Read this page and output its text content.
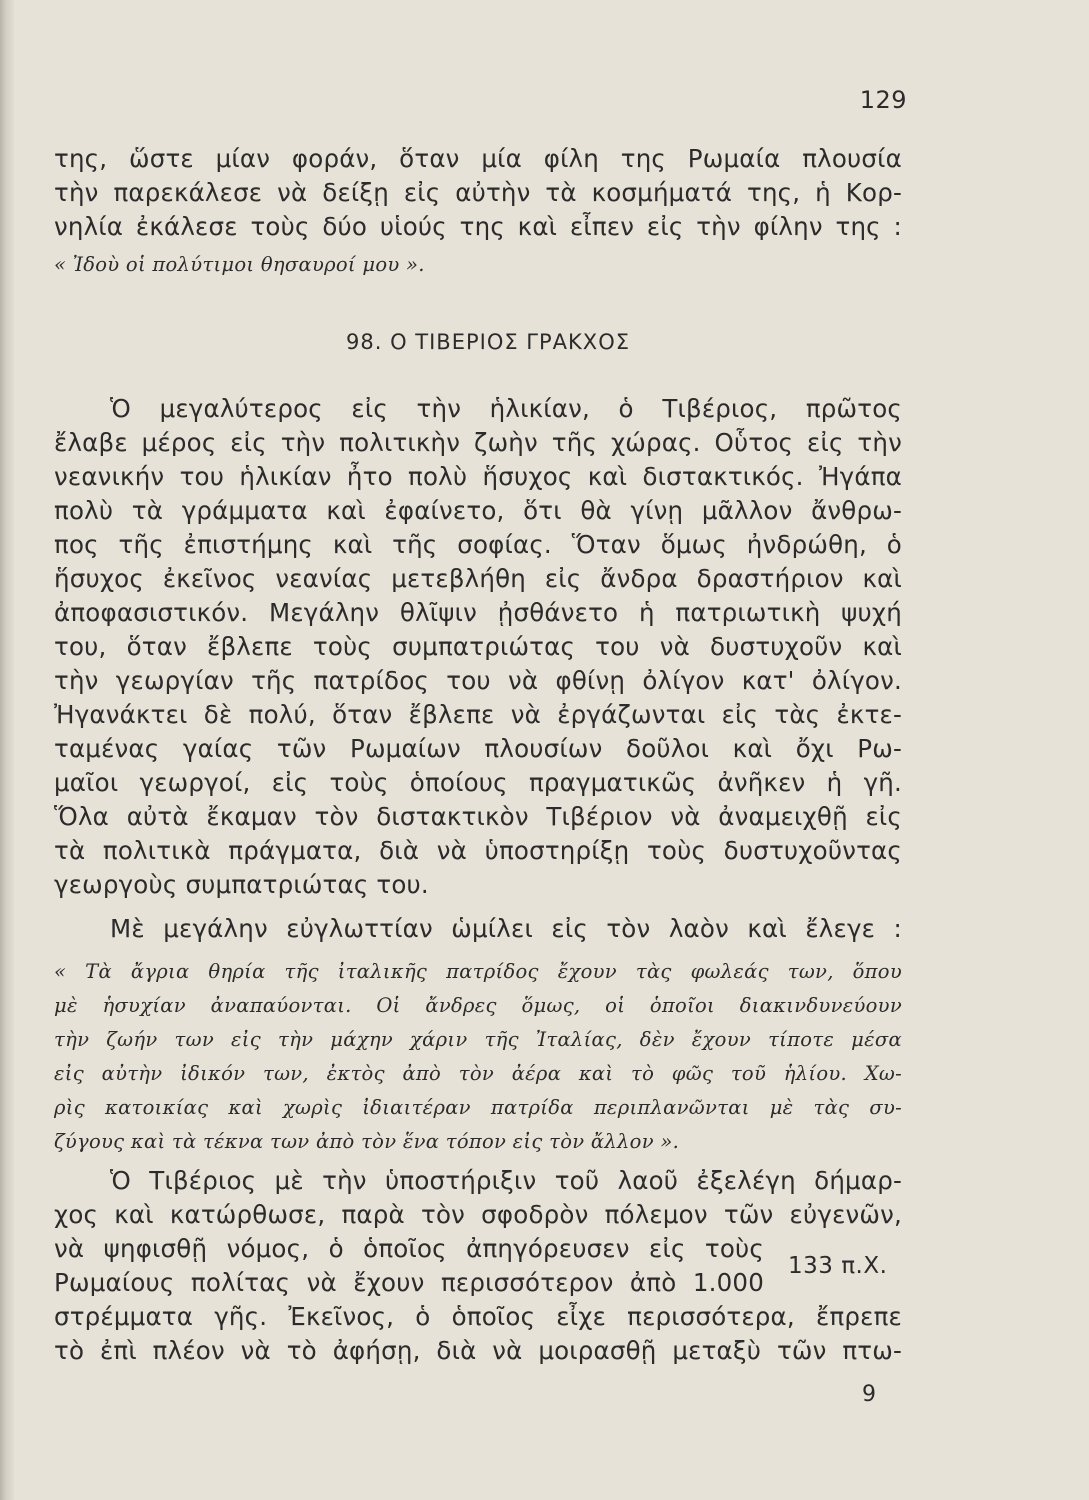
129
της, ὥστε μίαν φοράν, ὅταν μία φίλη της Ρωμαία πλουσία
τὴν παρεκάλεσε νὰ δείξῃ εἰς αὐτὴν τὰ κοσμήματά της, ἡ Κορ-
νηλία ἐκάλεσε τοὺς δύο υἱούς της καὶ εἶπεν εἰς τὴν φίλην της :
« Ἰδοὺ οἱ πολύτιμοι θησαυροί μου ».
98. Ο ΤΙΒΕΡΙΟΣ ΓΡΑΚΧΟΣ
Ὁ μεγαλύτερος εἰς τὴν ἡλικίαν, ὁ Τιβέριος, πρῶτος
ἔλαβε μέρος εἰς τὴν πολιτικὴν ζωὴν τῆς χώρας. Οὗτος εἰς τὴν
νεανικήν του ἡλικίαν ἦτο πολὺ ἥσυχος καὶ διστακτικός. Ἠγάπα
πολὺ τὰ γράμματα καὶ ἐφαίνετο, ὅτι θὰ γίνῃ μᾶλλον ἄνθρω-
πος τῆς ἐπιστήμης καὶ τῆς σοφίας. Ὅταν ὅμως ἠνδρώθη, ὁ
ἥσυχος ἐκεῖνος νεανίας μετεβλήθη εἰς ἄνδρα δραστήριον καὶ
ἀποφασιστικόν. Μεγάλην θλῖψιν ᾐσθάνετο ἡ πατριωτικὴ ψυχή
του, ὅταν ἔβλεπε τοὺς συμπατριώτας του νὰ δυστυχοῦν καὶ
τὴν γεωργίαν τῆς πατρίδος του νὰ φθίνῃ ὀλίγον κατ' ὀλίγον.
Ἠγανάκτει δὲ πολύ, ὅταν ἔβλεπε νὰ ἐργάζωνται εἰς τὰς ἐκτε-
ταμένας γαίας τῶν Ρωμαίων πλουσίων δοῦλοι καὶ ὄχι Ρω-
μαῖοι γεωργοί, εἰς τοὺς ὁποίους πραγματικῶς ἀνῆκεν ἡ γῆ.
Ὅλα αὐτὰ ἔκαμαν τὸν διστακτικὸν Τιβέριον νὰ ἀναμειχθῇ εἰς
τὰ πολιτικὰ πράγματα, διὰ νὰ ὑποστηρίξῃ τοὺς δυστυχοῦντας
γεωργοὺς συμπατριώτας του.
Μὲ μεγάλην εὐγλωττίαν ὡμίλει εἰς τὸν λαὸν καὶ ἔλεγε :
« Τὰ ἄγρια θηρία τῆς ἰταλικῆς πατρίδος ἔχουν τὰς φωλεάς των, ὅπου
μὲ ἡσυχίαν ἀναπαύονται. Οἱ ἄνδρες ὅμως, οἱ ὁποῖοι διακινδυνεύουν
τὴν ζωήν των εἰς τὴν μάχην χάριν τῆς Ἰταλίας, δὲν ἔχουν τίποτε μέσα
εἰς αὐτὴν ἰδικόν των, ἐκτὸς ἀπὸ τὸν ἀέρα καὶ τὸ φῶς τοῦ ἡλίου. Χω-
ρὶς κατοικίας καὶ χωρὶς ἰδιαιτέραν πατρίδα περιπλανῶνται μὲ τὰς συ-
ζύγους καὶ τὰ τέκνα των ἀπὸ τὸν ἕνα τόπον εἰς τὸν ἄλλον ».
Ὁ Τιβέριος μὲ τὴν ὑποστήριξιν τοῦ λαοῦ ἐξελέγη δήμαρ-
χος καὶ κατώρθωσε, παρὰ τὸν σφοδρὸν πόλεμον τῶν εὐγενῶν,
νὰ ψηφισθῇ νόμος, ὁ ὁποῖος ἀπηγόρευσεν εἰς τοὺς
Ρωμαίους πολίτας νὰ ἔχουν περισσότερον ἀπὸ 1.000
στρέμματα γῆς. Ἐκεῖνος, ὁ ὁποῖος εἶχε περισσότερα, ἔπρεπε
τὸ ἐπὶ πλέον νὰ τὸ ἀφήσῃ, διὰ νὰ μοιρασθῇ μεταξὺ τῶν πτω-
133 π.Χ.
9
